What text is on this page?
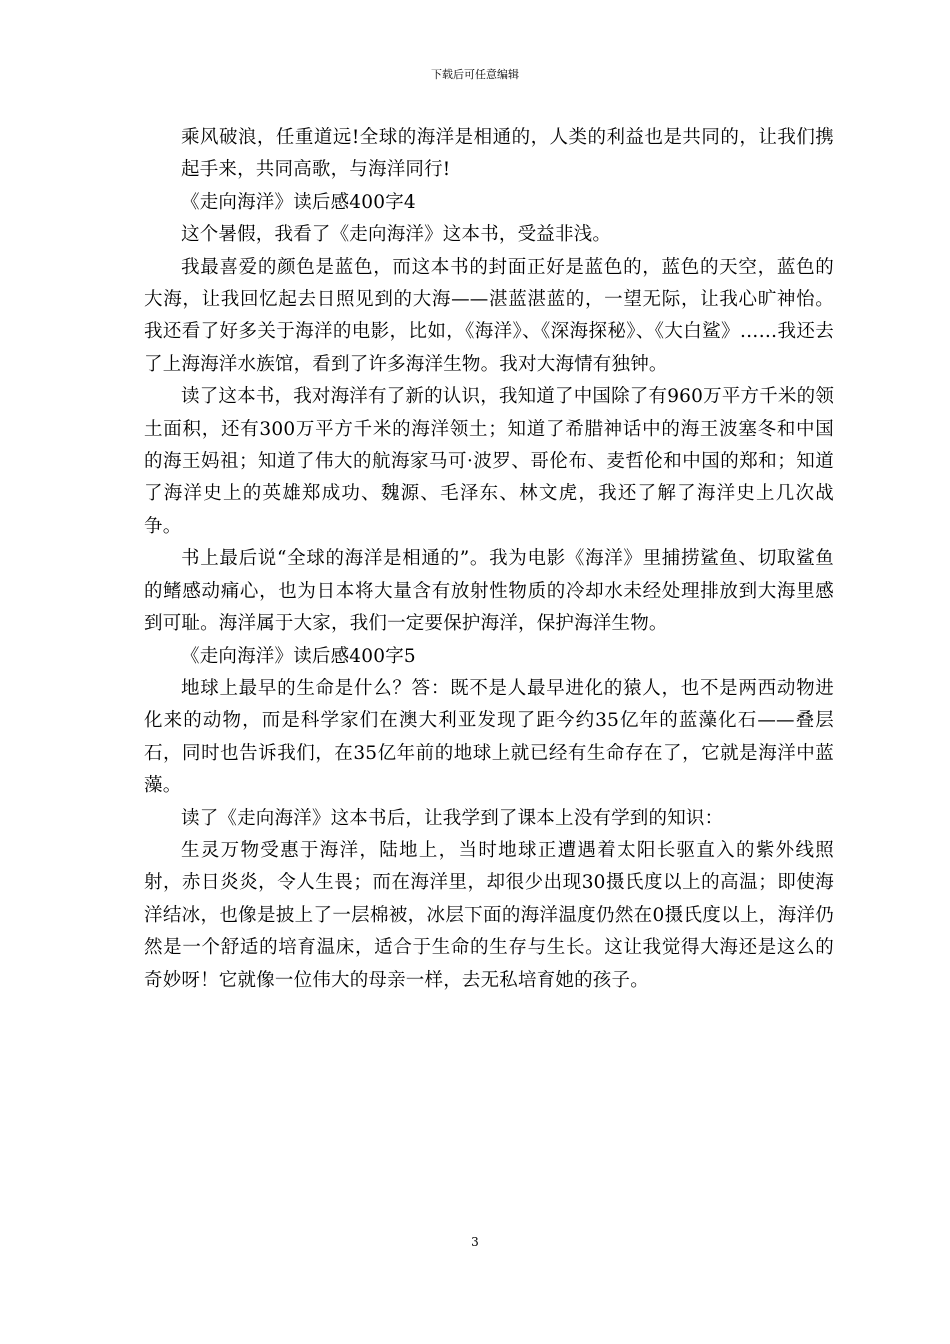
下载后可任意编辑

乘风破浪，任重道远!全球的海洋是相通的，人类的利益也是共同的，让我们携起手来，共同高歌，与海洋同行!

《走向海洋》读后感400字4

这个暑假，我看了《走向海洋》这本书，受益非浅。

我最喜爱的颜色是蓝色，而这本书的封面正好是蓝色的，蓝色的天空，蓝色的大海，让我回忆起去日照见到的大海——湛蓝湛蓝的，一望无际，让我心旷神怡。我还看了好多关于海洋的电影，比如，《海洋》、《深海探秘》、《大白鲨》……我还去了上海海洋水族馆，看到了许多海洋生物。我对大海情有独钟。

读了这本书，我对海洋有了新的认识，我知道了中国除了有960万平方千米的领土面积，还有300万平方千米的海洋领土；知道了希腊神话中的海王波塞冬和中国的海王妈祖；知道了伟大的航海家马可·波罗、哥伦布、麦哲伦和中国的郑和；知道了海洋史上的英雄郑成功、魏源、毛泽东、林文虎，我还了解了海洋史上几次战争。

书上最后说“全球的海洋是相通的”。我为电影《海洋》里捕捞鲨鱼、切取鲨鱼的鳍感动痛心，也为日本将大量含有放射性物质的冷却水未经处理排放到大海里感到可耻。海洋属于大家，我们一定要保护海洋，保护海洋生物。

《走向海洋》读后感400字5

地球上最早的生命是什么？答：既不是人最早进化的猿人，也不是两西动物进化来的动物，而是科学家们在澳大利亚发现了距今约35亿年的蓝藻化石——叠层石，同时也告诉我们，在35亿年前的地球上就已经有生命存在了，它就是海洋中蓝藻。

读了《走向海洋》这本书后，让我学到了课本上没有学到的知识：

生灵万物受惠于海洋，陆地上，当时地球正遭遇着太阳长驱直入的紫外线照射，赤日炎炎，令人生畏；而在海洋里，却很少出现30摄氏度以上的高温；即使海洋结冰，也像是披上了一层棉被，冰层下面的海洋温度仍然在0摄氏度以上，海洋仍然是一个舒适的培育温床，适合于生命的生存与生长。这让我觉得大海还是这么的奇妙呀！它就像一位伟大的母亲一样，去无私培育她的孩子。

3
